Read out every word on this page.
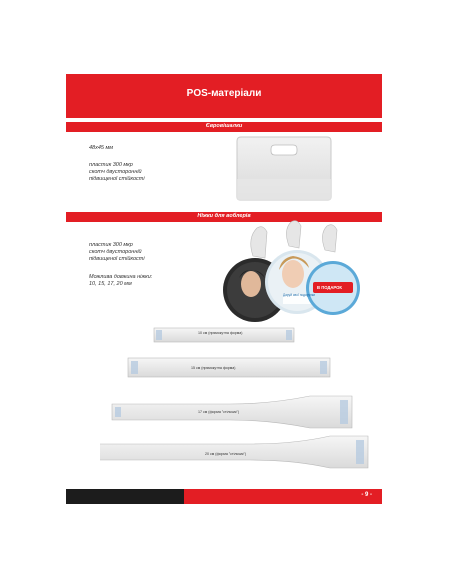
POS-матеріали
Євровішалки
48х45 мм
пластик 300 мкр
скотч двусторонній
підвищеної стійкості
Ніжки для воблерів
пластик 300 мкр
скотч двусторонній
підвищеної стійкості
Можлива довжина ніжки:
10, 15, 17, 20 мм
Даруй свої подарунки
В ПОДАРОК
10 см (прямокутна форма)
15 см (прямокутна форма)
17 см (форма "стільчик")
20 см (форма "стільчик")
- 9 -
